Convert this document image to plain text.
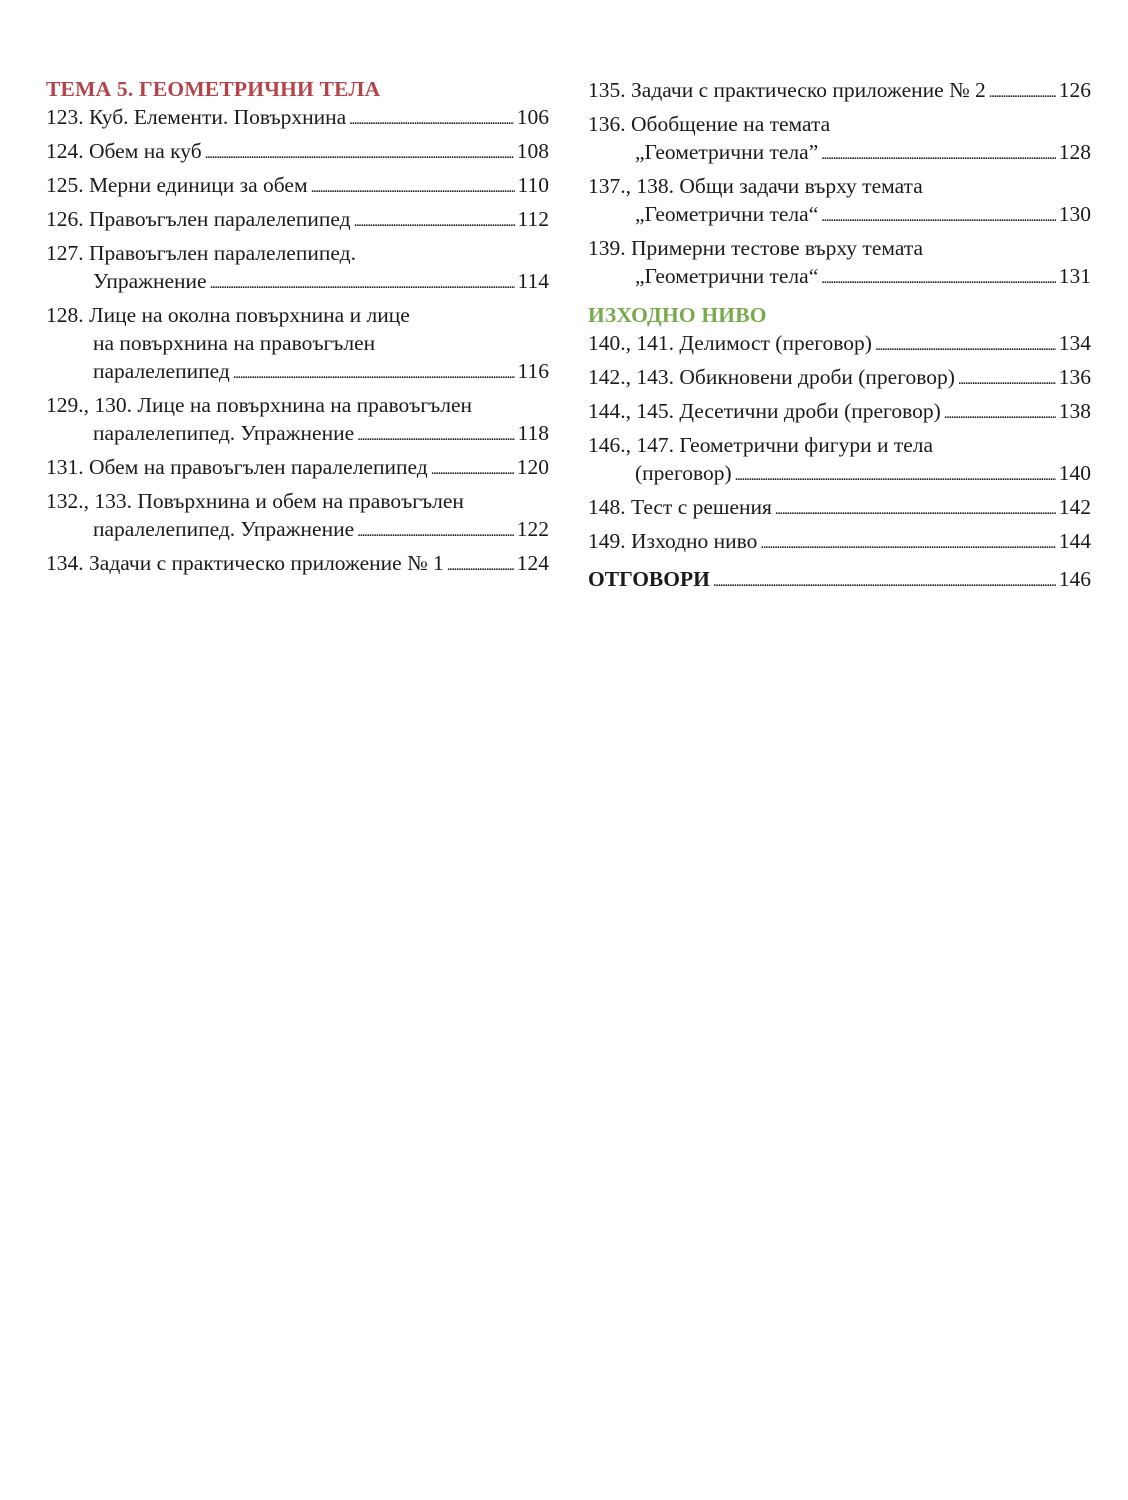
ТЕМА 5. ГЕОМЕТРИЧНИ ТЕЛА
123. Куб. Елементи. Повърхнина . . .	106
124. Обем на куб . . .	108
125. Мерни единици за обем . . .	110
126. Правоъгълен паралелепипед . . .	112
127. Правоъгълен паралелепипед.
Упражнение . . .	114
128. Лице на околна повърхнина и лице
на повърхнина на правоъгълен
паралелепипед . . .	116
129., 130. Лице на повърхнина на правоъгълен
паралелепипед. Упражнение . . .	118
131. Обем на правоъгълен паралелепипед . . .	120
132., 133. Повърхнина и обем на правоъгълен
паралелепипед. Упражнение . . .	122
134. Задачи с практическо приложение № 1 . . .	124
135. Задачи с практическо приложение № 2 . . .	126
136. Обобщение на темата
„Геометрични тела” . . .	128
137., 138. Общи задачи върху темата
„Геометрични тела“ . . .	130
139. Примерни тестове върху темата
„Геометрични тела“ . . .	131
ИЗХОДНО НИВО
140., 141. Делимост (преговор) . . .	134
142., 143. Обикновени дроби (преговор) . . .	136
144., 145. Десетични дроби (преговор) . . .	138
146., 147. Геометрични фигури и тела
(преговор) . . .	140
148. Тест с решения . . .	142
149. Изходно ниво . . .	144
ОТГОВОРИ . . .	146
